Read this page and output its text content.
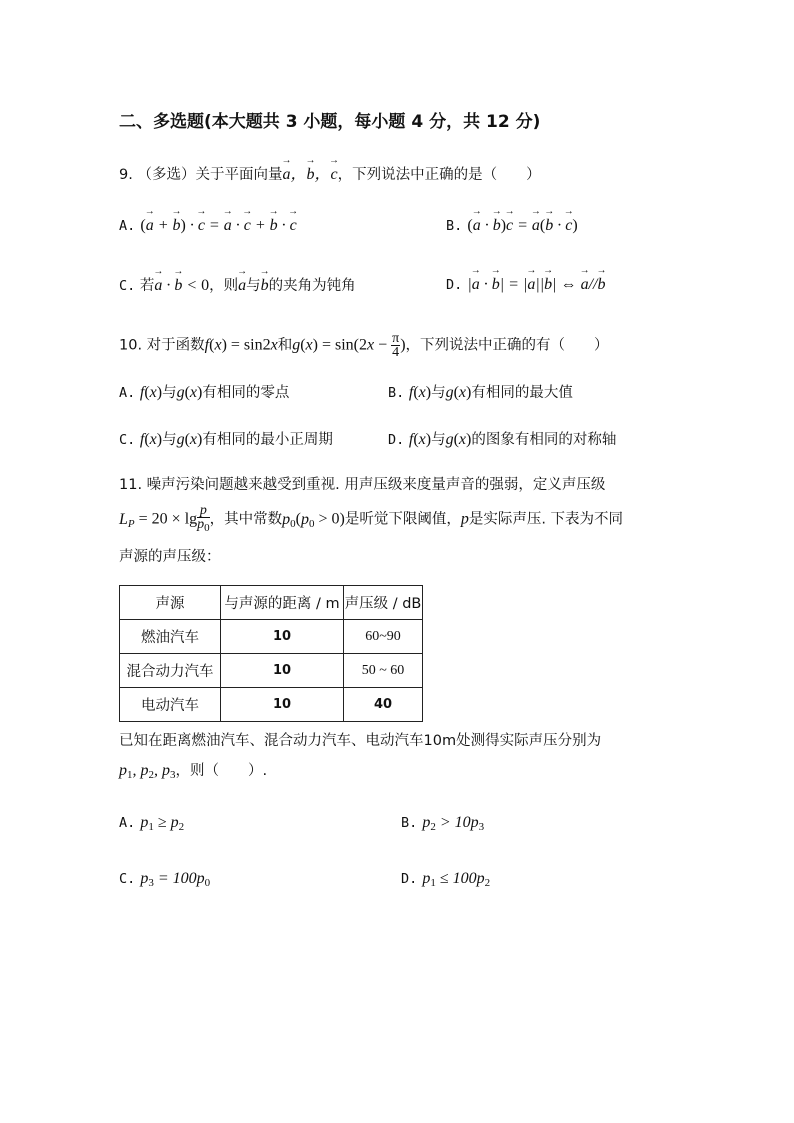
二、多选题(本大题共 3 小题，每小题 4 分，共 12 分)
9. （多选）关于平面向量→ a，→ b，→ c，下列说法中正确的是（　　）
A. (→ a + → b) · → c = → a · → c + → b · → c	B. (→ a · → b)→ c = → a(→ b · → c)
C. 若→ a · → b < 0，则→ a与→ b的夹角为钝角	D. |→ a · → b| = |→ a||→ b| ⇔ → a//→ b
10. 对于函数f(x) = sin2x和$g(x) = \sin(2x - \frac{\pi}{4}$ )，下列说法中正确的有（　　）
A. f(x)与g(x)有相同的零点	B. f(x)与g(x)有相同的最大值
C. f(x)与g(x)有相同的最小正周期	D. f(x)与g(x)的图象有相同的对称轴
11. 噪声污染问题越来越受到重视. 用声压级来度量声音的强弱，定义声压级
$L_P = 20 \times \lg \frac{p}{p_0}$ ，其中常数$p_0(p_0 > 0)$是听觉下限阈值，p是实际声压. 下表为不同
声源的声压级：
声源	与声源的距离 / m	声压级 / dB
燃油汽车	10	60~90
混合动力汽车	10	50 ~ 60
电动汽车	10	40
已知在距离燃油汽车、混合动力汽车、电动汽车10m处测得实际声压分别为
$p_1$, $p_2$, $p_3$，则（　　）.
A. $p_1 \ge p_2$	B. $p_2 > 10p_3$
C. $p_3 = 100p_0$	D. $p_1 \le 100p_2$
